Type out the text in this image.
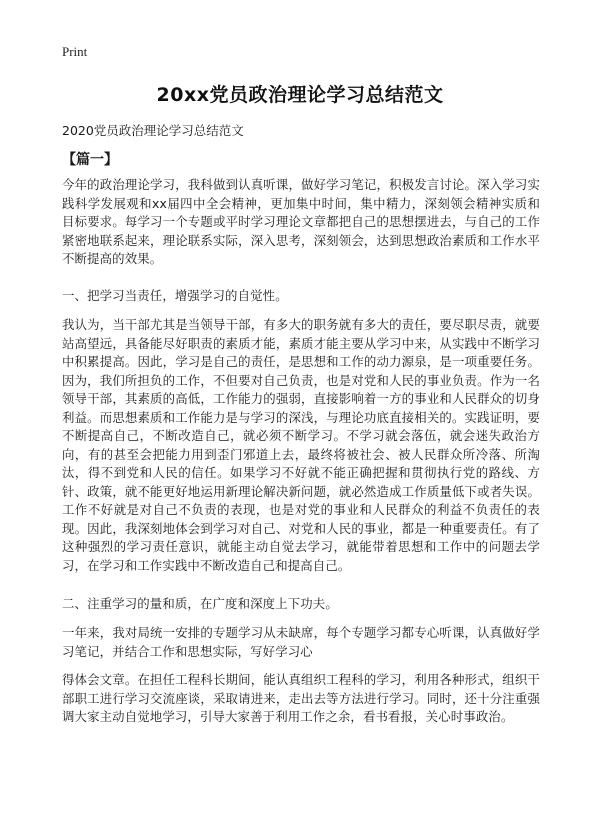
Print
20xx党员政治理论学习总结范文
2020党员政治理论学习总结范文
【篇一】
今年的政治理论学习，我科做到认真听课，做好学习笔记，积极发言讨论。深入学习实践科学发展观和xx届四中全会精神，更加集中时间，集中精力，深刻领会精神实质和目标要求。每学习一个专题或平时学习理论文章都把自己的思想摆进去，与自己的工作紧密地联系起来，理论联系实际，深入思考，深刻领会，达到思想政治素质和工作水平不断提高的效果。
一、把学习当责任，增强学习的自觉性。
我认为，当干部尤其是当领导干部，有多大的职务就有多大的责任，要尽职尽责，就要站高望远，具备能尽好职责的素质才能，素质才能主要从学习中来，从实践中不断学习中积累提高。因此，学习是自己的责任，是思想和工作的动力源泉，是一项重要任务。因为，我们所担负的工作，不但要对自己负责，也是对党和人民的事业负责。作为一名领导干部，其素质的高低，工作能力的强弱，直接影响着一方的事业和人民群众的切身利益。而思想素质和工作能力是与学习的深浅，与理论功底直接相关的。实践证明，要不断提高自己，不断改造自己，就必须不断学习。不学习就会落伍，就会迷失政治方向，有的甚至会把能力用到歪门邪道上去，最终将被社会、被人民群众所冷落、所淘汰，得不到党和人民的信任。如果学习不好就不能正确把握和贯彻执行党的路线、方针、政策，就不能更好地运用新理论解决新问题，就必然造成工作质量低下或者失误。工作不好就是对自己不负责的表现，也是对党的事业和人民群众的利益不负责任的表现。因此，我深刻地体会到学习对自己、对党和人民的事业，都是一种重要责任。有了这种强烈的学习责任意识，就能主动自觉去学习，就能带着思想和工作中的问题去学习，在学习和工作实践中不断改造自己和提高自己。
二、注重学习的量和质，在广度和深度上下功夫。
一年来，我对局统一安排的专题学习从未缺席，每个专题学习都专心听课，认真做好学习笔记，并结合工作和思想实际，写好学习心
得体会文章。在担任工程科长期间，能认真组织工程科的学习，利用各种形式，组织干部职工进行学习交流座谈，采取请进来，走出去等方法进行学习。同时，还十分注重强调大家主动自觉地学习，引导大家善于利用工作之余，看书看报，关心时事政治。
